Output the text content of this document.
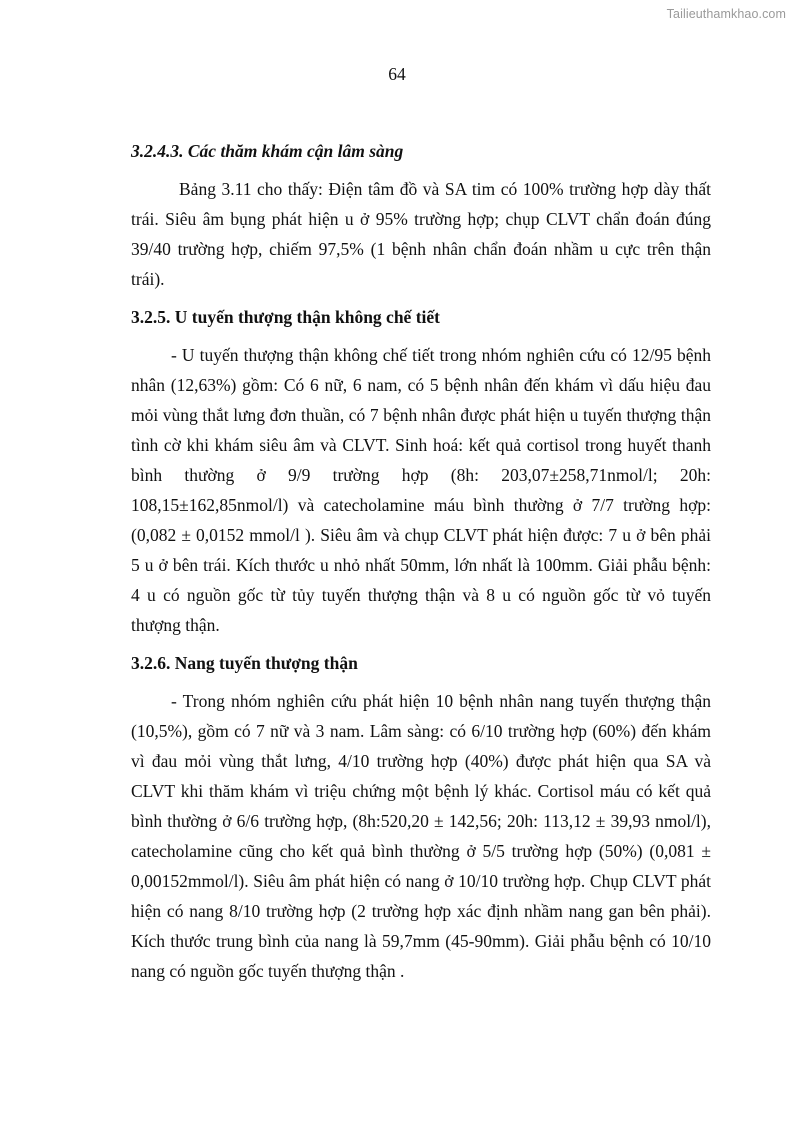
Tailieuthamkhao.com
64
3.2.4.3. Các thăm khám cận lâm sàng

Bảng 3.11 cho thấy: Điện tâm đồ và SA tim có 100% trường hợp dày thất trái. Siêu âm bụng phát hiện u ở 95% trường hợp; chụp CLVT chẩn đoán đúng 39/40 trường hợp, chiếm 97,5% (1 bệnh nhân chẩn đoán nhầm u cực trên thận trái).

3.2.5. U tuyến thượng thận không chế tiết

- U tuyến thượng thận không chế tiết trong nhóm nghiên cứu có 12/95 bệnh nhân (12,63%) gồm: Có 6 nữ, 6 nam, có 5 bệnh nhân đến khám vì dấu hiệu đau mỏi vùng thắt lưng đơn thuần, có 7 bệnh nhân được phát hiện u tuyến thượng thận tình cờ khi khám siêu âm và CLVT. Sinh hoá: kết quả cortisol trong huyết thanh bình thường ở 9/9 trường hợp (8h: 203,07±258,71nmol/l; 20h: 108,15±162,85nmol/l) và catecholamine máu bình thường ở 7/7 trường hợp: (0,082 ± 0,0152 mmol/l ). Siêu âm và chụp CLVT phát hiện được: 7 u ở bên phải 5 u ở bên trái. Kích thước u nhỏ nhất 50mm, lớn nhất là 100mm. Giải phẫu bệnh: 4 u có nguồn gốc từ tủy tuyến thượng thận và 8 u có nguồn gốc từ vỏ tuyến thượng thận.

3.2.6. Nang tuyến thượng thận

- Trong nhóm nghiên cứu phát hiện 10 bệnh nhân nang tuyến thượng thận (10,5%), gồm có 7 nữ và 3 nam. Lâm sàng: có 6/10 trường hợp (60%) đến khám vì đau mỏi vùng thắt lưng, 4/10 trường hợp (40%) được phát hiện qua SA và CLVT khi thăm khám vì triệu chứng một bệnh lý khác. Cortisol máu có kết quả bình thường ở 6/6 trường hợp, (8h:520,20 ± 142,56; 20h: 113,12 ± 39,93 nmol/l), catecholamine cũng cho kết quả bình thường ở 5/5 trường hợp (50%) (0,081 ± 0,00152mmol/l). Siêu âm phát hiện có nang ở 10/10 trường hợp. Chụp CLVT phát hiện có nang 8/10 trường hợp (2 trường hợp xác định nhầm nang gan bên phải). Kích thước trung bình của nang là 59,7mm (45-90mm). Giải phẫu bệnh có 10/10 nang có nguồn gốc tuyến thượng thận .
